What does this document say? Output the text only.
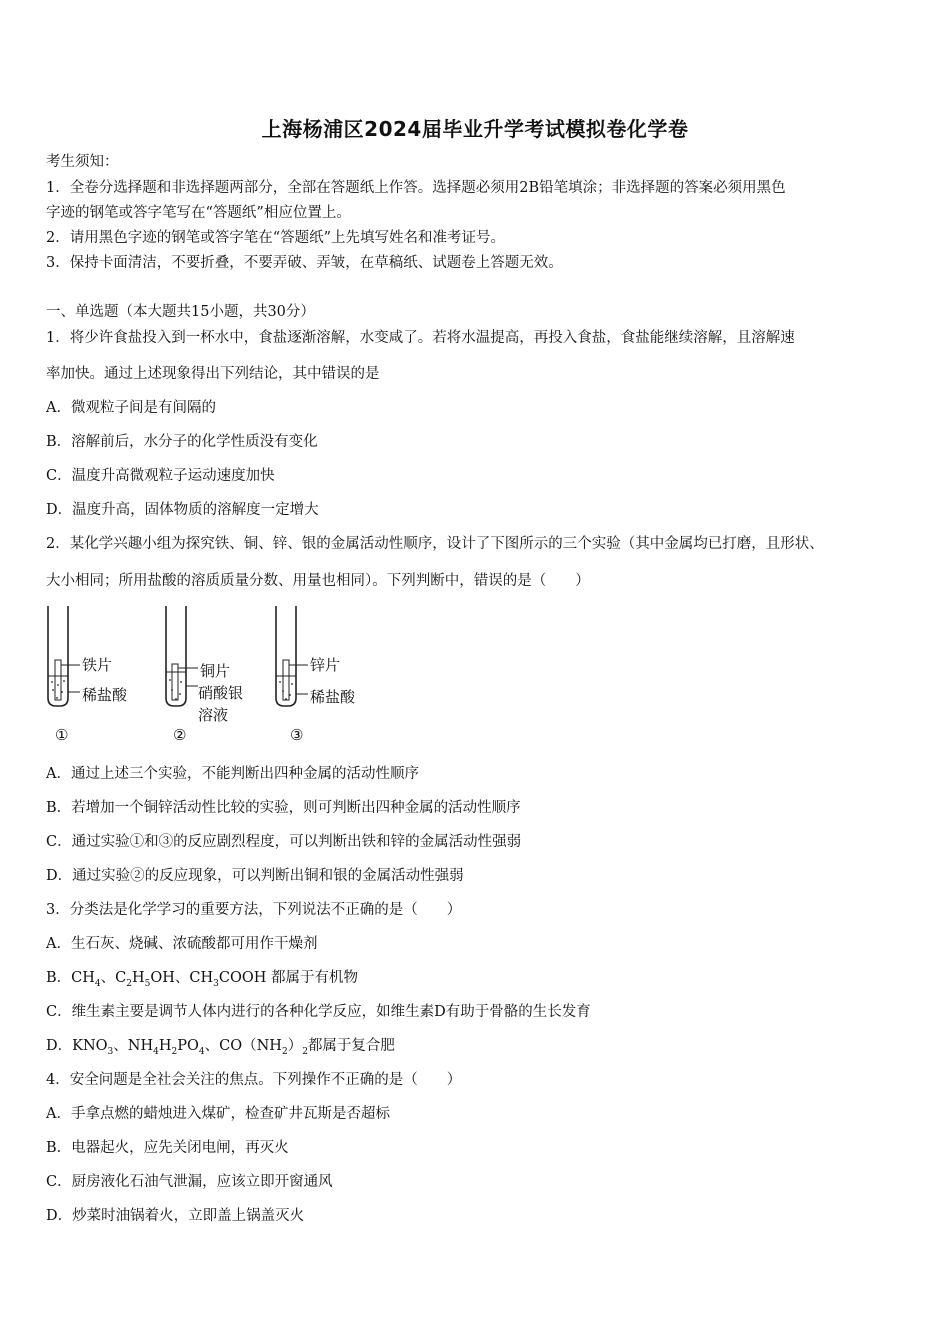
上海杨浦区2024届毕业升学考试模拟卷化学卷
考生须知：
1．全卷分选择题和非选择题两部分，全部在答题纸上作答。选择题必须用2B铅笔填涂；非选择题的答案必须用黑色
字迹的钢笔或答字笔写在“答题纸”相应位置上。
2．请用黑色字迹的钢笔或答字笔在“答题纸”上先填写姓名和准考证号。
3．保持卡面清洁，不要折叠，不要弄破、弄皱，在草稿纸、试题卷上答题无效。
一、单选题（本大题共15小题，共30分）
1．将少许食盐投入到一杯水中，食盐逐渐溶解，水变咸了。若将水温提高，再投入食盐，食盐能继续溶解，且溶解速
率加快。通过上述现象得出下列结论，其中错误的是
A．微观粒子间是有间隔的
B．溶解前后，水分子的化学性质没有变化
C．温度升高微观粒子运动速度加快
D．温度升高，固体物质的溶解度一定增大
2．某化学兴趣小组为探究铁、铜、锌、银的金属活动性顺序，设计了下图所示的三个实验（其中金属均已打磨，且形状、
大小相同；所用盐酸的溶质质量分数、用量也相同）。下列判断中，错误的是（　　）
铁片
稀盐酸
①
铜片
硝酸银
溶液
②
锌片
稀盐酸
③
A．通过上述三个实验，不能判断出四种金属的活动性顺序
B．若增加一个铜锌活动性比较的实验，则可判断出四种金属的活动性顺序
C．通过实验①和③的反应剧烈程度，可以判断出铁和锌的金属活动性强弱
D．通过实验②的反应现象，可以判断出铜和银的金属活动性强弱
3．分类法是化学学习的重要方法，下列说法不正确的是（　　）
A．生石灰、烧碱、浓硫酸都可用作干燥剂
B．$CH_4$、$C_2H_5OH$、$CH_3COOH$ 都属于有机物
C．维生素主要是调节人体内进行的各种化学反应，如维生素D有助于骨骼的生长发育
D．$KNO_3$、$NH_4H_2PO_4$、$CO(NH_2)_2$都属于复合肥
4．安全问题是全社会关注的焦点。下列操作不正确的是（　　）
A．手拿点燃的蜡烛进入煤矿，检查矿井瓦斯是否超标
B．电器起火，应先关闭电闸，再灭火
C．厨房液化石油气泄漏，应该立即开窗通风
D．炒菜时油锅着火，立即盖上锅盖灭火
